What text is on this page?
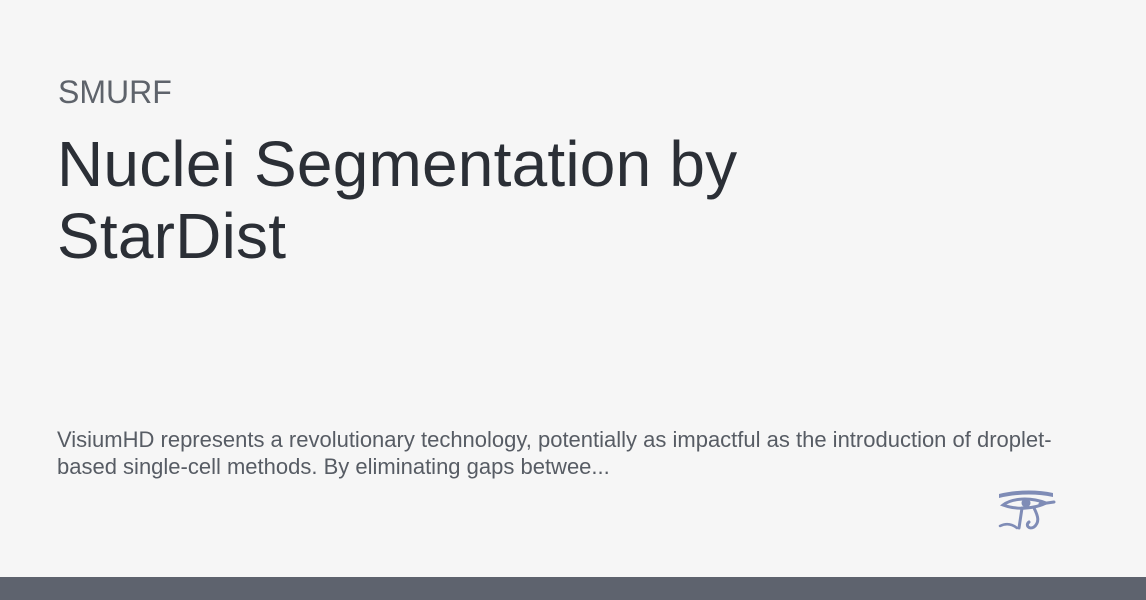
SMURF

Nuclei Segmentation by StarDist

VisiumHD represents a revolutionary technology, potentially as impactful as the introduction of droplet-based single-cell methods. By eliminating gaps betwee...
